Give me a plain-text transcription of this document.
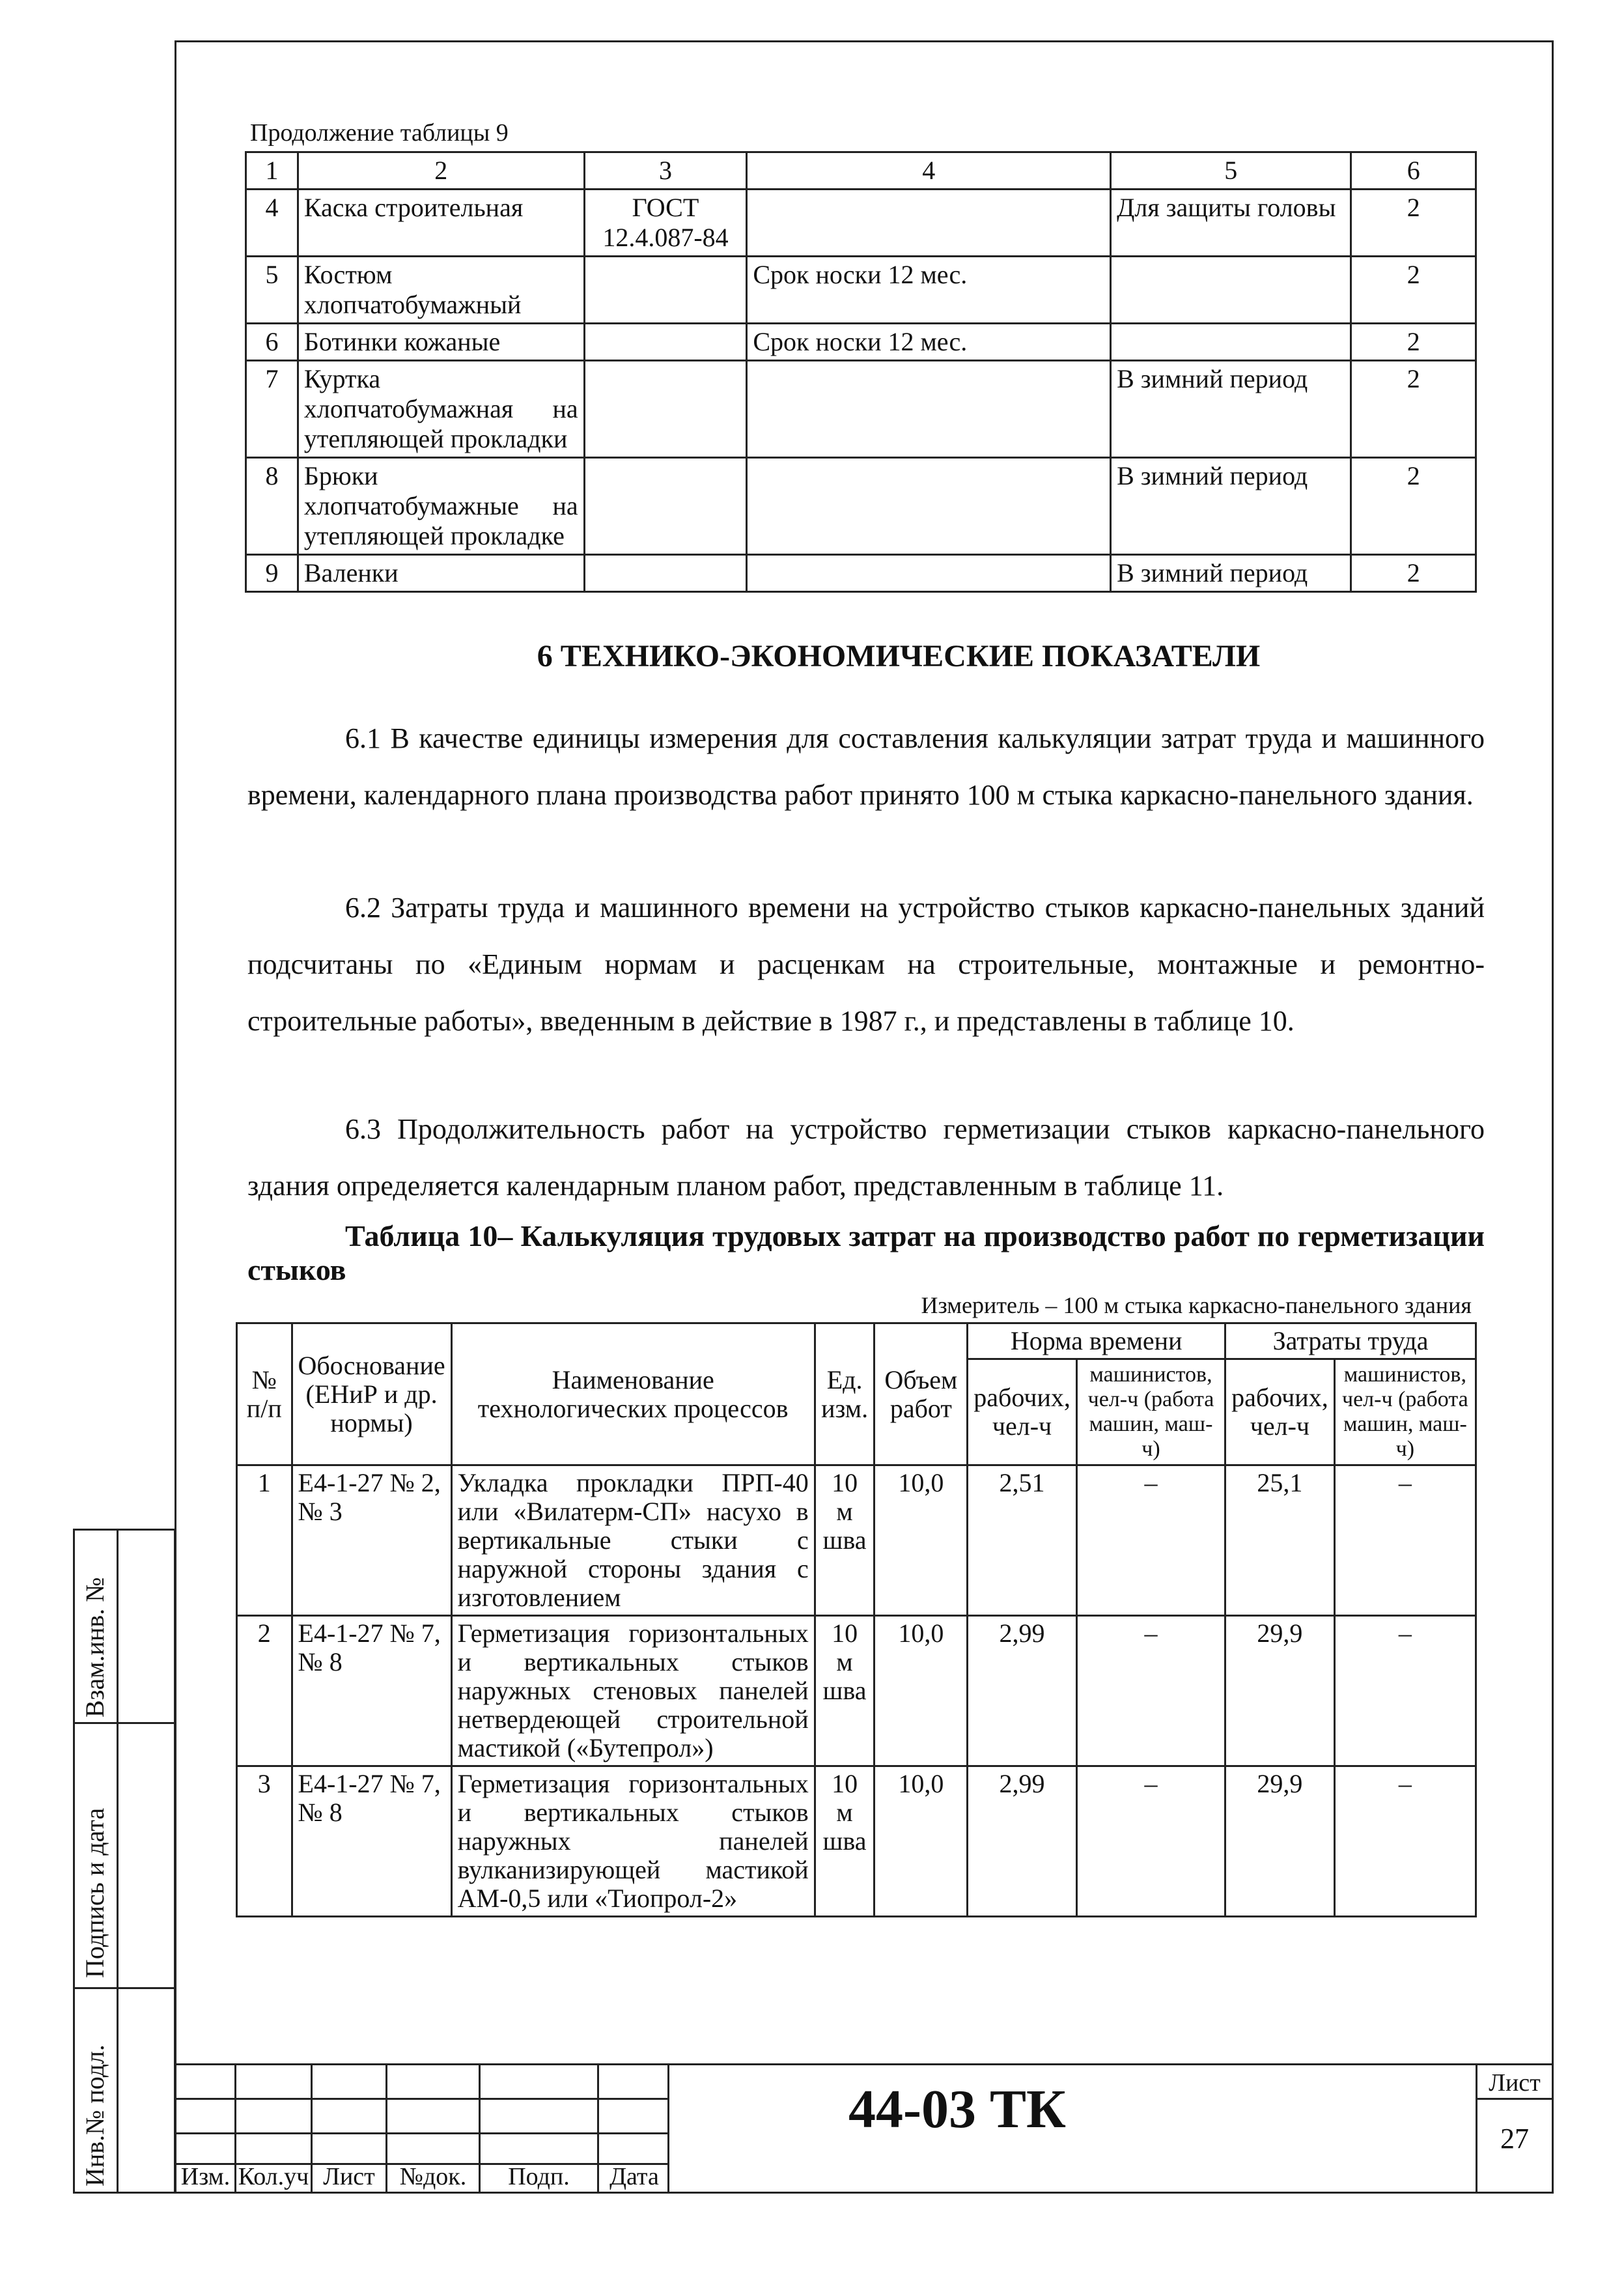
Взам.инв. №
Подпись и дата
Инв.№ подл.
Продолжение таблицы 9
1	2	3	4	5	6
4	Каска строительная	ГОСТ 12.4.087-84		Для защиты головы	2
5	Костюм хлопчатобумажный		Срок носки 12 мес.		2
6	Ботинки кожаные		Срок носки 12 мес.		2
7	Куртка хлопчатобумажная на утепляющей прокладки			В зимний период	2
8	Брюки хлопчатобумажные на утепляющей прокладке			В зимний период	2
9	Валенки			В зимний период	2
6 ТЕХНИКО-ЭКОНОМИЧЕСКИЕ ПОКАЗАТЕЛИ
6.1 В качестве единицы измерения для составления калькуляции затрат труда и машинного времени, календарного плана производства работ принято 100 м стыка каркасно-панельного здания.
6.2 Затраты труда и машинного времени на устройство стыков каркасно-панельных зданий подсчитаны по «Единым нормам и расценкам на строительные, монтажные и ремонтно-строительные работы», введенным в действие в 1987 г., и представлены в таблице 10.
6.3 Продолжительность работ на устройство герметизации стыков каркасно-панельного здания определяется календарным планом работ, представленным в таблице 11.
Таблица 10– Калькуляция трудовых затрат на производство работ по герметизации стыков
Измеритель – 100 м стыка каркасно-панельного здания
№ п/п	Обоснование (ЕНиР и др. нормы)	Наименование технологических процессов	Ед. изм.	Объем работ	Норма времени		Затраты труда	
					рабочих, чел-ч	машинистов, чел-ч (работа машин, маш-ч)	рабочих, чел-ч	машинистов, чел-ч (работа машин, маш-ч)
1	Е4-1-27 № 2, № 3	Укладка прокладки ПРП-40 или «Вилатерм-СП» насухо в вертикальные стыки с наружной стороны здания с изготовлением	10 м шва	10,0	2,51	–	25,1	–
2	Е4-1-27 № 7, № 8	Герметизация горизонтальных и вертикальных стыков наружных стеновых панелей нетвердеющей строительной мастикой («Бутепрол»)	10 м шва	10,0	2,99	–	29,9	–
3	Е4-1-27 № 7, № 8	Герметизация горизонтальных и вертикальных стыков наружных панелей вулканизирующей мастикой АМ-0,5 или «Тиопрол-2»	10 м шва	10,0	2,99	–	29,9	–
Изм. Кол.уч Лист №док.	Подп.	Дата
Лист
27
44-03 ТК
